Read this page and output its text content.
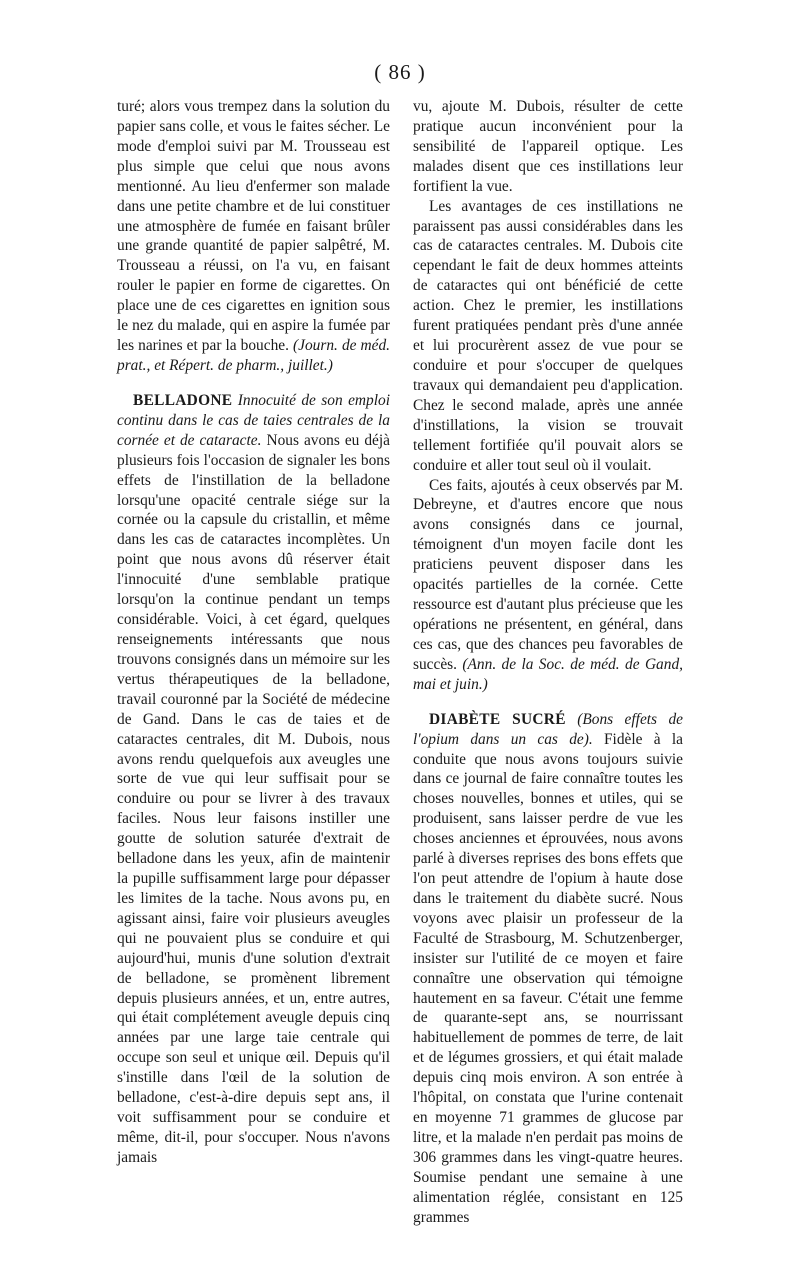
( 86 )

turé; alors vous trempez dans la solution du papier sans colle, et vous le faites sécher. Le mode d'emploi suivi par M. Trousseau est plus simple que celui que nous avons mentionné. Au lieu d'enfermer son malade dans une petite chambre et de lui constituer une atmosphère de fumée en faisant brûler une grande quantité de papier salpêtré, M. Trousseau a réussi, on l'a vu, en faisant rouler le papier en forme de cigarettes. On place une de ces cigarettes en ignition sous le nez du malade, qui en aspire la fumée par les narines et par la bouche. (Journ. de méd. prat., et Répert. de pharm., juillet.)

BELLADONE Innocuité de son emploi continu dans le cas de taies centrales de la cornée et de cataracte. Nous avons eu déjà plusieurs fois l'occasion de signaler les bons effets de l'instillation de la belladone lorsqu'une opacité centrale siége sur la cornée ou la capsule du cristallin, et même dans les cas de cataractes incomplètes. Un point que nous avons dû réserver était l'innocuité d'une semblable pratique lorsqu'on la continue pendant un temps considérable. Voici, à cet égard, quelques renseignements intéressants que nous trouvons consignés dans un mémoire sur les vertus thérapeutiques de la belladone, travail couronné par la Société de médecine de Gand. Dans le cas de taies et de cataractes centrales, dit M. Dubois, nous avons rendu quelquefois aux aveugles une sorte de vue qui leur suffisait pour se conduire ou pour se livrer à des travaux faciles. Nous leur faisons instiller une goutte de solution saturée d'extrait de belladone dans les yeux, afin de maintenir la pupille suffisamment large pour dépasser les limites de la tache. Nous avons pu, en agissant ainsi, faire voir plusieurs aveugles qui ne pouvaient plus se conduire et qui aujourd'hui, munis d'une solution d'extrait de belladone, se promènent librement depuis plusieurs années, et un, entre autres, qui était complétement aveugle depuis cinq années par une large taie centrale qui occupe son seul et unique œil. Depuis qu'il s'instille dans l'œil de la solution de belladone, c'est-à-dire depuis sept ans, il voit suffisamment pour se conduire et même, dit-il, pour s'occuper. Nous n'avons jamais

vu, ajoute M. Dubois, résulter de cette pratique aucun inconvénient pour la sensibilité de l'appareil optique. Les malades disent que ces instillations leur fortifient la vue.

Les avantages de ces instillations ne paraissent pas aussi considérables dans les cas de cataractes centrales. M. Dubois cite cependant le fait de deux hommes atteints de cataractes qui ont bénéficié de cette action. Chez le premier, les instillations furent pratiquées pendant près d'une année et lui procurèrent assez de vue pour se conduire et pour s'occuper de quelques travaux qui demandaient peu d'application. Chez le second malade, après une année d'instillations, la vision se trouvait tellement fortifiée qu'il pouvait alors se conduire et aller tout seul où il voulait.

Ces faits, ajoutés à ceux observés par M. Debreyne, et d'autres encore que nous avons consignés dans ce journal, témoignent d'un moyen facile dont les praticiens peuvent disposer dans les opacités partielles de la cornée. Cette ressource est d'autant plus précieuse que les opérations ne présentent, en général, dans ces cas, que des chances peu favorables de succès. (Ann. de la Soc. de méd. de Gand, mai et juin.)

DIABÈTE SUCRÉ (Bons effets de l'opium dans un cas de). Fidèle à la conduite que nous avons toujours suivie dans ce journal de faire connaître toutes les choses nouvelles, bonnes et utiles, qui se produisent, sans laisser perdre de vue les choses anciennes et éprouvées, nous avons parlé à diverses reprises des bons effets que l'on peut attendre de l'opium à haute dose dans le traitement du diabète sucré. Nous voyons avec plaisir un professeur de la Faculté de Strasbourg, M. Schutzenberger, insister sur l'utilité de ce moyen et faire connaître une observation qui témoigne hautement en sa faveur. C'était une femme de quarante-sept ans, se nourrissant habituellement de pommes de terre, de lait et de légumes grossiers, et qui était malade depuis cinq mois environ. A son entrée à l'hôpital, on constata que l'urine contenait en moyenne 71 grammes de glucose par litre, et la malade n'en perdait pas moins de 306 grammes dans les vingt-quatre heures. Soumise pendant une semaine à une alimentation réglée, consistant en 125 grammes
